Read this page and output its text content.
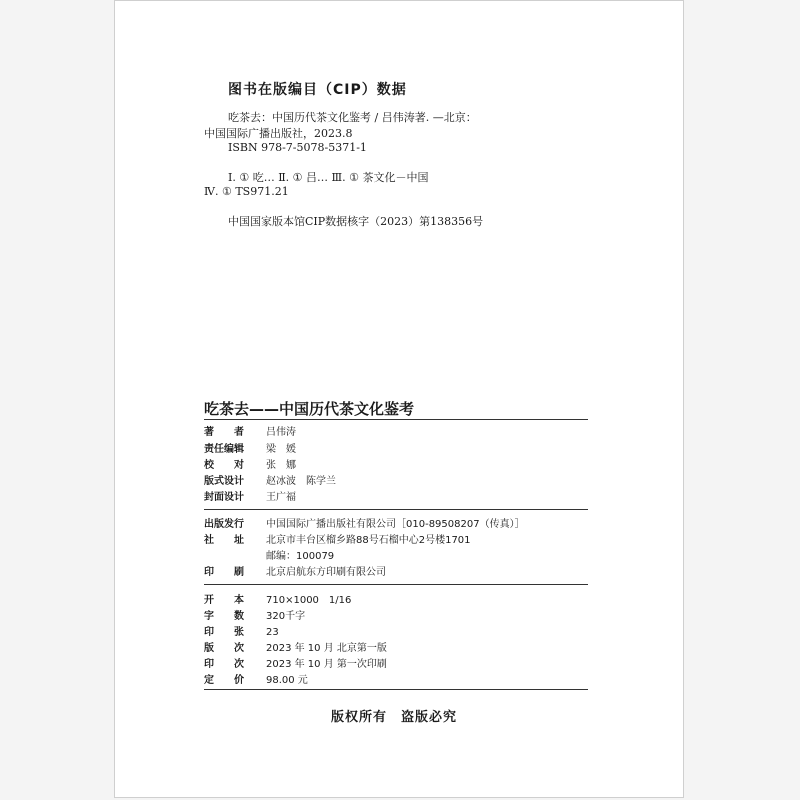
图书在版编目（CIP）数据
吃茶去：中国历代茶文化鉴考 / 吕伟涛著. —北京：
中国国际广播出版社，2023.8
ISBN 978-7-5078-5371-1
Ⅰ. ① 吃… Ⅱ. ① 吕… Ⅲ. ① 茶文化－中国
Ⅳ. ① TS971.21
中国国家版本馆CIP数据核字（2023）第138356号
吃茶去——中国历代茶文化鉴考
著　　者 吕伟涛
责任编辑 梁　媛
校　　对 张　娜
版式设计 赵冰波　陈学兰
封面设计 王广福
出版发行 中国国际广播出版社有限公司［010-89508207（传真）］
社　　址 北京市丰台区榴乡路88号石榴中心2号楼1701
邮编：100079
印　　刷 北京启航东方印刷有限公司
开　　本 710×1000　1/16
字　　数 320千字
印　　张 23
版　　次 2023 年 10 月 北京第一版
印　　次 2023 年 10 月 第一次印刷
定　　价 98.00 元
版权所有　盗版必究
